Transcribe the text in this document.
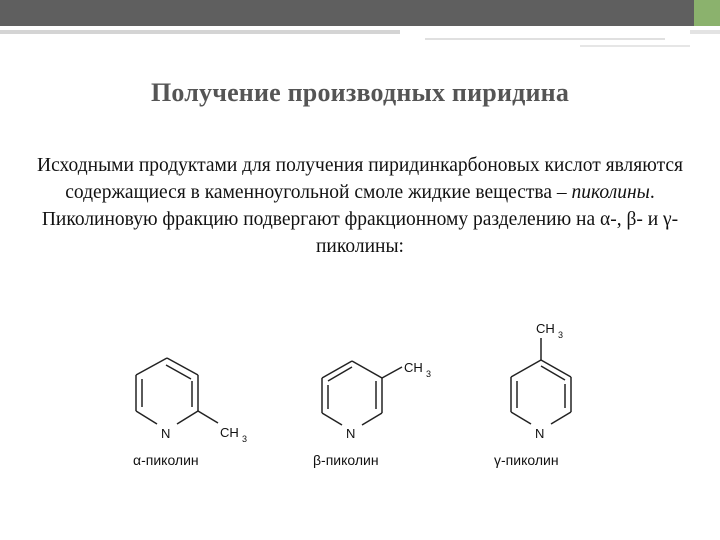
Получение производных пиридина
Исходными продуктами для получения пиридинкарбоновых кислот являются содержащиеся в каменноугольной смоле жидкие вещества – пиколины. Пиколиновую фракцию подвергают фракционному разделению на α-, β- и γ-пиколины:
N	CH 3	N
CH 3
N
CH 3
α-пиколин	β-пиколин	γ-пиколин
